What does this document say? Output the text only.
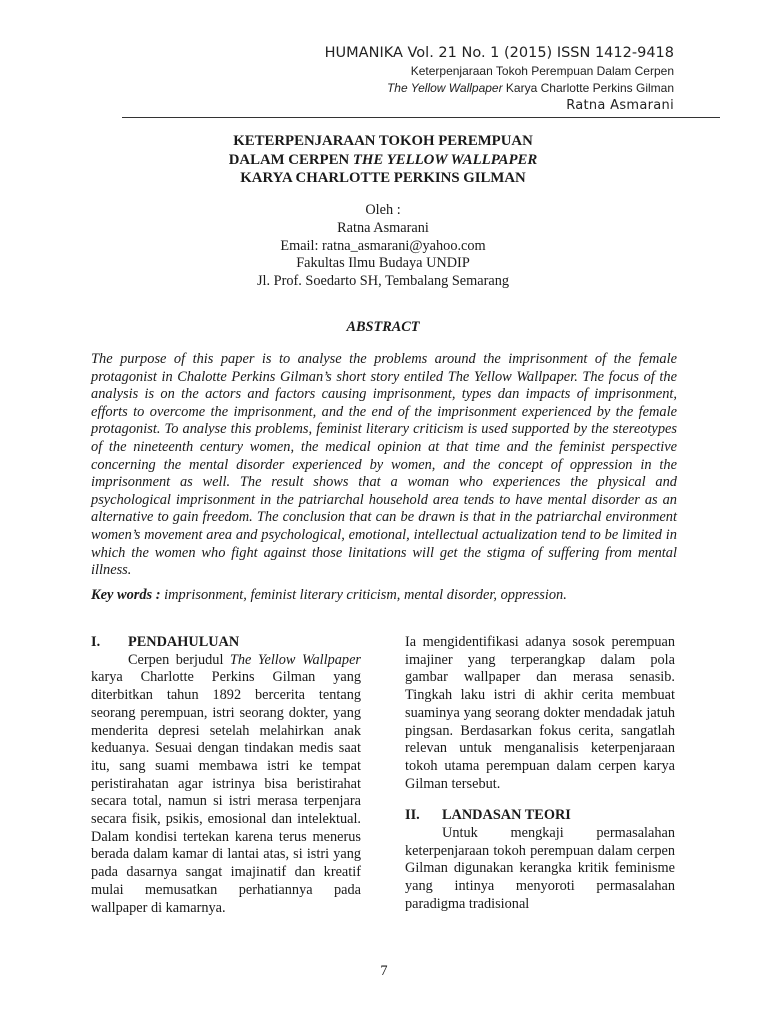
HUMANIKA Vol. 21 No. 1 (2015) ISSN 1412-9418
Keterpenjaraan Tokoh Perempuan Dalam Cerpen
The Yellow Wallpaper Karya Charlotte Perkins Gilman
Ratna Asmarani
KETERPENJARAAN TOKOH PEREMPUAN
DALAM CERPEN THE YELLOW WALLPAPER
KARYA CHARLOTTE PERKINS GILMAN
Oleh :
Ratna Asmarani
Email: ratna_asmarani@yahoo.com
Fakultas Ilmu Budaya UNDIP
Jl. Prof. Soedarto SH, Tembalang Semarang
ABSTRACT

The purpose of this paper is to analyse the problems around the imprisonment of the female protagonist in Chalotte Perkins Gilman’s short story entiled The Yellow Wallpaper. The focus of the analysis is on the actors and factors causing imprisonment, types dan impacts of imprisonment, efforts to overcome the imprisonment, and the end of the imprisonment experienced by the female protagonist. To analyse this problems, feminist literary criticism is used supported by the stereotypes of the nineteenth century women, the medical opinion at that time and the feminist perspective concerning the mental disorder experienced by women, and the concept of oppression in the imprisonment as well. The result shows that a woman who experiences the physical and psychological imprisonment in the patriarchal household area tends to have mental disorder as an alternative to gain freedom. The conclusion that can be drawn is that in the patriarchal environment women’s movement area and psychological, emotional, intellectual actualization tend to be limited in which the women who fight against those linitations will get the stigma of suffering from mental illness.

Key words : imprisonment, feminist literary criticism, mental disorder, oppression.

I.	PENDAHULUAN

Cerpen berjudul The Yellow Wallpaper karya Charlotte Perkins Gilman yang diterbitkan tahun 1892 bercerita tentang seorang perempuan, istri seorang dokter, yang menderita depresi setelah melahirkan anak keduanya. Sesuai dengan tindakan medis saat itu, sang suami membawa istri ke tempat peristirahatan agar istrinya bisa beristirahat secara total, namun si istri merasa terpenjara secara fisik, psikis, emosional dan intelektual. Dalam kondisi tertekan karena terus menerus berada dalam kamar di lantai atas, si istri yang pada dasarnya sangat imajinatif dan kreatif mulai memusatkan perhatiannya pada wallpaper di kamarnya.

Ia mengidentifikasi adanya sosok perempuan imajiner yang terperangkap dalam pola gambar wallpaper dan merasa senasib. Tingkah laku istri di akhir cerita membuat suaminya yang seorang dokter mendadak jatuh pingsan. Berdasarkan fokus cerita, sangatlah relevan untuk menganalisis keterpenjaraan tokoh utama perempuan dalam cerpen karya Gilman tersebut.

II.	LANDASAN TEORI

Untuk mengkaji permasalahan keterpenjaraan tokoh perempuan dalam cerpen Gilman digunakan kerangka kritik feminisme yang intinya menyoroti permasalahan paradigma tradisional

7
